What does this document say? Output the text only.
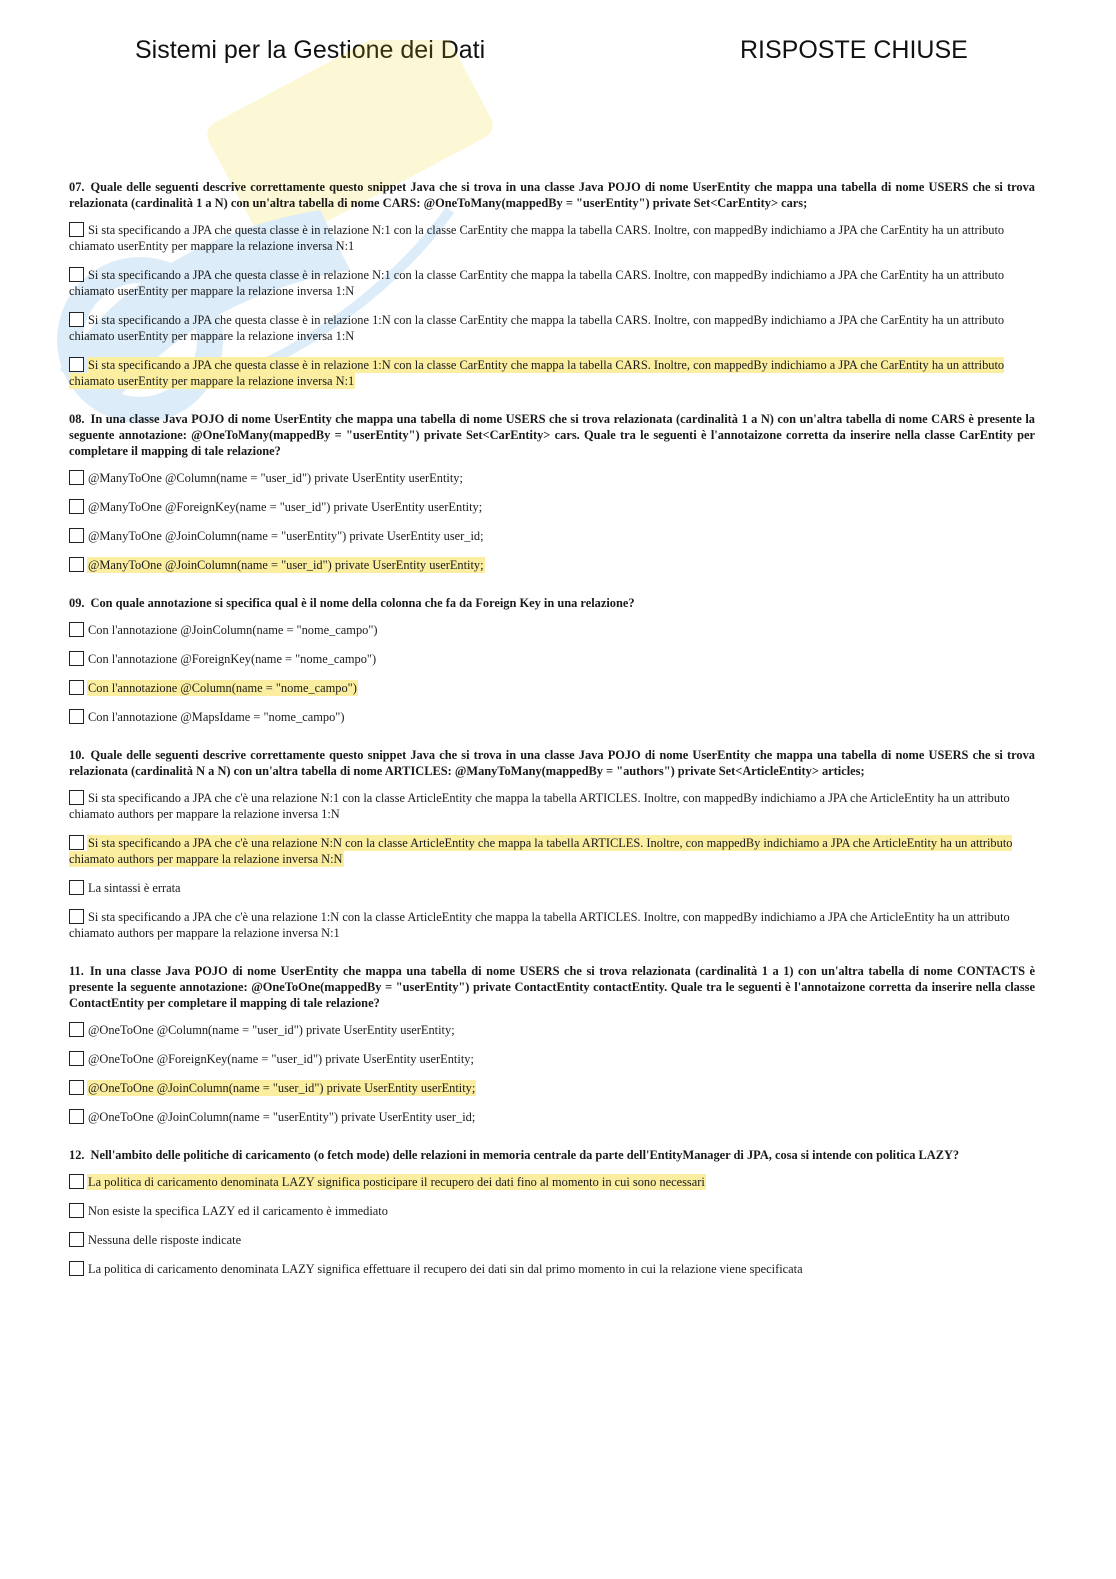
Sistemi per la Gestione dei Dati	RISPOSTE CHIUSE
07. Quale delle seguenti descrive correttamente questo snippet Java che si trova in una classe Java POJO di nome UserEntity che mappa una tabella di nome USERS che si trova relazionata (cardinalità 1 a N) con un'altra tabella di nome CARS: @OneToMany(mappedBy = "userEntity") private Set<CarEntity> cars;
Si sta specificando a JPA che questa classe è in relazione N:1 con la classe CarEntity che mappa la tabella CARS. Inoltre, con mappedBy indichiamo a JPA che CarEntity ha un attributo chiamato userEntity per mappare la relazione inversa N:1
Si sta specificando a JPA che questa classe è in relazione N:1 con la classe CarEntity che mappa la tabella CARS. Inoltre, con mappedBy indichiamo a JPA che CarEntity ha un attributo chiamato userEntity per mappare la relazione inversa 1:N
Si sta specificando a JPA che questa classe è in relazione 1:N con la classe CarEntity che mappa la tabella CARS. Inoltre, con mappedBy indichiamo a JPA che CarEntity ha un attributo chiamato userEntity per mappare la relazione inversa 1:N
Si sta specificando a JPA che questa classe è in relazione 1:N con la classe CarEntity che mappa la tabella CARS. Inoltre, con mappedBy indichiamo a JPA che CarEntity ha un attributo chiamato userEntity per mappare la relazione inversa N:1
08. In una classe Java POJO di nome UserEntity che mappa una tabella di nome USERS che si trova relazionata (cardinalità 1 a N) con un'altra tabella di nome CARS è presente la seguente annotazione: @OneToMany(mappedBy = "userEntity") private Set<CarEntity> cars. Quale tra le seguenti è l'annotaizone corretta da inserire nella classe CarEntity per completare il mapping di tale relazione?
@ManyToOne @Column(name = "user_id") private UserEntity userEntity;
@ManyToOne @ForeignKey(name = "user_id") private UserEntity userEntity;
@ManyToOne @JoinColumn(name = "userEntity") private UserEntity user_id;
@ManyToOne @JoinColumn(name = "user_id") private UserEntity userEntity;
09. Con quale annotazione si specifica qual è il nome della colonna che fa da Foreign Key in una relazione?
Con l'annotazione @JoinColumn(name = "nome_campo")
Con l'annotazione @ForeignKey(name = "nome_campo")
Con l'annotazione @Column(name = "nome_campo")
Con l'annotazione @MapsIdame = "nome_campo")
10. Quale delle seguenti descrive correttamente questo snippet Java che si trova in una classe Java POJO di nome UserEntity che mappa una tabella di nome USERS che si trova relazionata (cardinalità N a N) con un'altra tabella di nome ARTICLES: @ManyToMany(mappedBy = "authors") private Set<ArticleEntity> articles;
Si sta specificando a JPA che c'è una relazione N:1 con la classe ArticleEntity che mappa la tabella ARTICLES. Inoltre, con mappedBy indichiamo a JPA che ArticleEntity ha un attributo chiamato authors per mappare la relazione inversa 1:N
Si sta specificando a JPA che c'è una relazione N:N con la classe ArticleEntity che mappa la tabella ARTICLES. Inoltre, con mappedBy indichiamo a JPA che ArticleEntity ha un attributo chiamato authors per mappare la relazione inversa N:N
La sintassi è errata
Si sta specificando a JPA che c'è una relazione 1:N con la classe ArticleEntity che mappa la tabella ARTICLES. Inoltre, con mappedBy indichiamo a JPA che ArticleEntity ha un attributo chiamato authors per mappare la relazione inversa N:1
11. In una classe Java POJO di nome UserEntity che mappa una tabella di nome USERS che si trova relazionata (cardinalità 1 a 1) con un'altra tabella di nome CONTACTS è presente la seguente annotazione: @OneToOne(mappedBy = "userEntity") private ContactEntity contactEntity. Quale tra le seguenti è l'annotaizone corretta da inserire nella classe ContactEntity per completare il mapping di tale relazione?
@OneToOne @Column(name = "user_id") private UserEntity userEntity;
@OneToOne @ForeignKey(name = "user_id") private UserEntity userEntity;
@OneToOne @JoinColumn(name = "user_id") private UserEntity userEntity;
@OneToOne @JoinColumn(name = "userEntity") private UserEntity user_id;
12. Nell'ambito delle politiche di caricamento (o fetch mode) delle relazioni in memoria centrale da parte dell'EntityManager di JPA, cosa si intende con politica LAZY?
La politica di caricamento denominata LAZY significa posticipare il recupero dei dati fino al momento in cui sono necessari
Non esiste la specifica LAZY ed il caricamento è immediato
Nessuna delle risposte indicate
La politica di caricamento denominata LAZY significa effettuare il recupero dei dati sin dal primo momento in cui la relazione viene specificata
